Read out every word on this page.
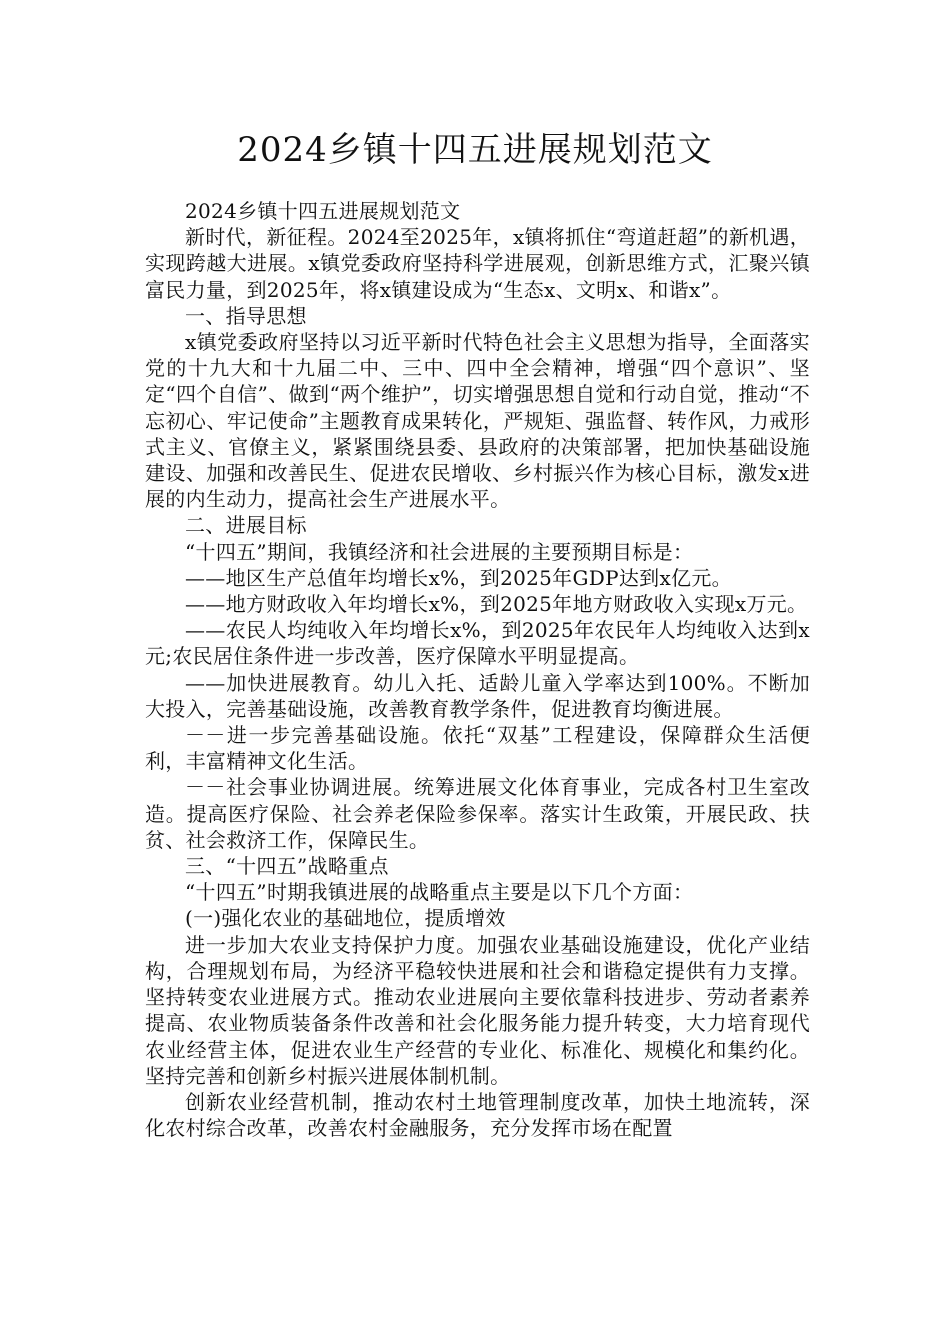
2024乡镇十四五进展规划范文

2024乡镇十四五进展规划范文

新时代，新征程。2024至2025年，x镇将抓住“弯道赶超”的新机遇，实现跨越大进展。x镇党委政府坚持科学进展观，创新思维方式，汇聚兴镇富民力量，到2025年，将x镇建设成为“生态x、文明x、和谐x”。

一、指导思想

x镇党委政府坚持以习近平新时代特色社会主义思想为指导，全面落实党的十九大和十九届二中、三中、四中全会精神，增强“四个意识”、坚定“四个自信”、做到“两个维护”，切实增强思想自觉和行动自觉，推动“不忘初心、牢记使命”主题教育成果转化，严规矩、强监督、转作风，力戒形式主义、官僚主义，紧紧围绕县委、县政府的决策部署，把加快基础设施建设、加强和改善民生、促进农民增收、乡村振兴作为核心目标，激发x进展的内生动力，提高社会生产进展水平。

二、进展目标

“十四五”期间，我镇经济和社会进展的主要预期目标是：

——地区生产总值年均增长x%，到2025年GDP达到x亿元。

——地方财政收入年均增长x%，到2025年地方财政收入实现x万元。

——农民人均纯收入年均增长x%，到2025年农民年人均纯收入达到x元;农民居住条件进一步改善，医疗保障水平明显提高。

——加快进展教育。幼儿入托、适龄儿童入学率达到100%。不断加大投入，完善基础设施，改善教育教学条件，促进教育均衡进展。

－－进一步完善基础设施。依托“双基”工程建设，保障群众生活便利，丰富精神文化生活。

－－社会事业协调进展。统筹进展文化体育事业，完成各村卫生室改造。提高医疗保险、社会养老保险参保率。落实计生政策，开展民政、扶贫、社会救济工作，保障民生。

三、“十四五”战略重点

“十四五”时期我镇进展的战略重点主要是以下几个方面：

(一)强化农业的基础地位，提质增效

进一步加大农业支持保护力度。加强农业基础设施建设，优化产业结构，合理规划布局，为经济平稳较快进展和社会和谐稳定提供有力支撑。坚持转变农业进展方式。推动农业进展向主要依靠科技进步、劳动者素养提高、农业物质装备条件改善和社会化服务能力提升转变，大力培育现代农业经营主体，促进农业生产经营的专业化、标准化、规模化和集约化。坚持完善和创新乡村振兴进展体制机制。

创新农业经营机制，推动农村土地管理制度改革，加快土地流转，深化农村综合改革，改善农村金融服务，充分发挥市场在配置
